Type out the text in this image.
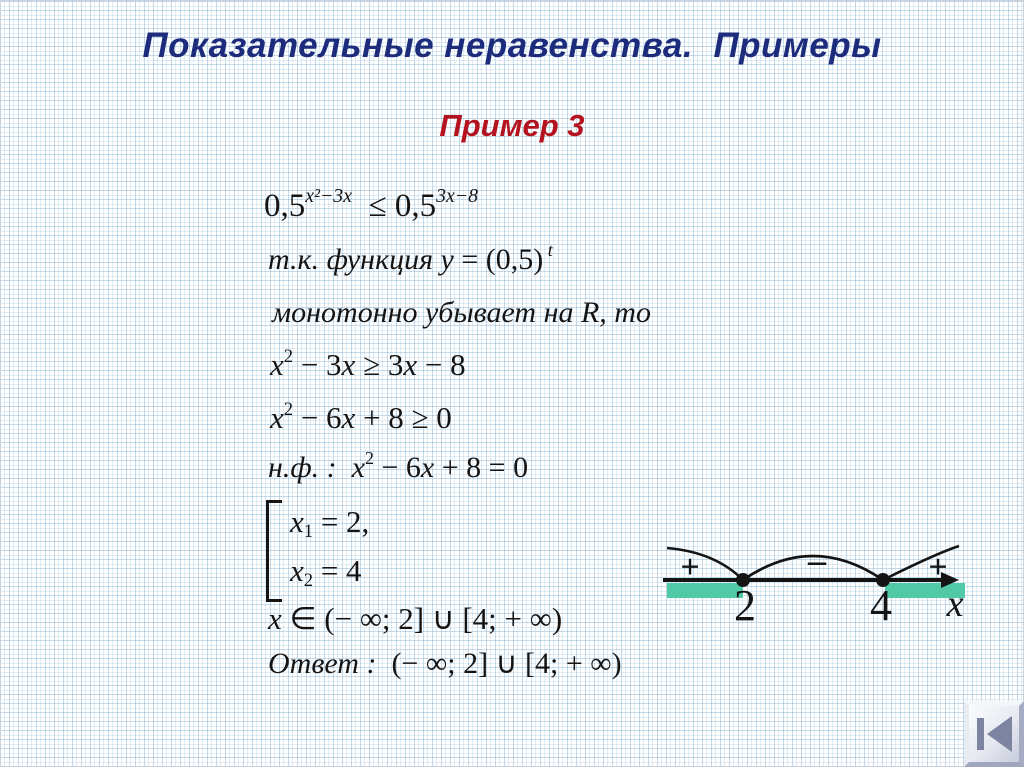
Показательные неравенства.  Примеры
Пример 3
$0,5^{x^2-3x} \le 0,5^{3x-8}$
т.к. функция y = (0,5) $^t$
монотонно убывает на R, то
$x^2 - 3x \ge 3x - 8$
$x^2 - 6x + 8 \ge 0$
н.ф. :  $x^2 - 6x + 8 = 0$
x1 = 2,
x2 = 4
x ∈ (− ∞; 2] ∪ [4; + ∞)
Ответ :  (− ∞; 2] ∪ [4; + ∞)
+	–	+
2	4 x
